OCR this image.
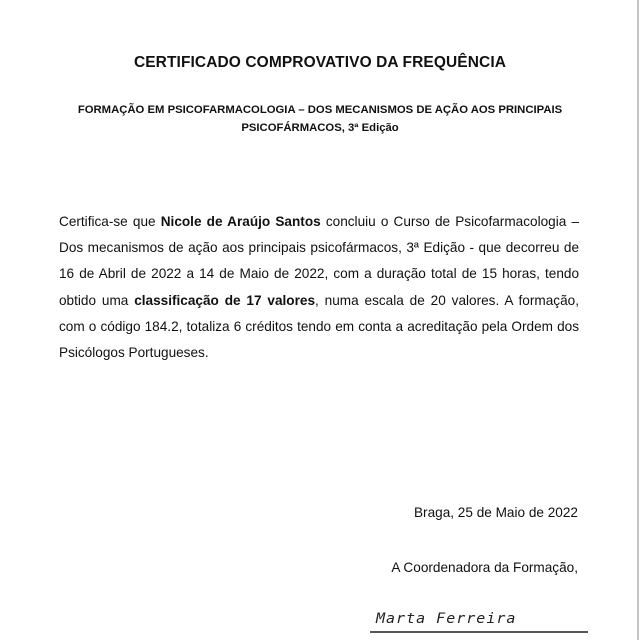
CERTIFICADO COMPROVATIVO DA FREQUÊNCIA
FORMAÇÃO EM PSICOFARMACOLOGIA – DOS MECANISMOS DE AÇÃO AOS PRINCIPAIS
PSICOFÁRMACOS, 3ª Edição
Certifica-se que Nicole de Araújo Santos concluiu o Curso de Psicofarmacologia – Dos mecanismos de ação aos principais psicofármacos, 3ª Edição - que decorreu de 16 de Abril de 2022 a 14 de Maio de 2022, com a duração total de 15 horas, tendo obtido uma classificação de 17 valores, numa escala de 20 valores. A formação, com o código 184.2, totaliza 6 créditos tendo em conta a acreditação pela Ordem dos Psicólogos Portugueses.
Braga, 25 de Maio de 2022
A Coordenadora da Formação,
Marta Ferreira
